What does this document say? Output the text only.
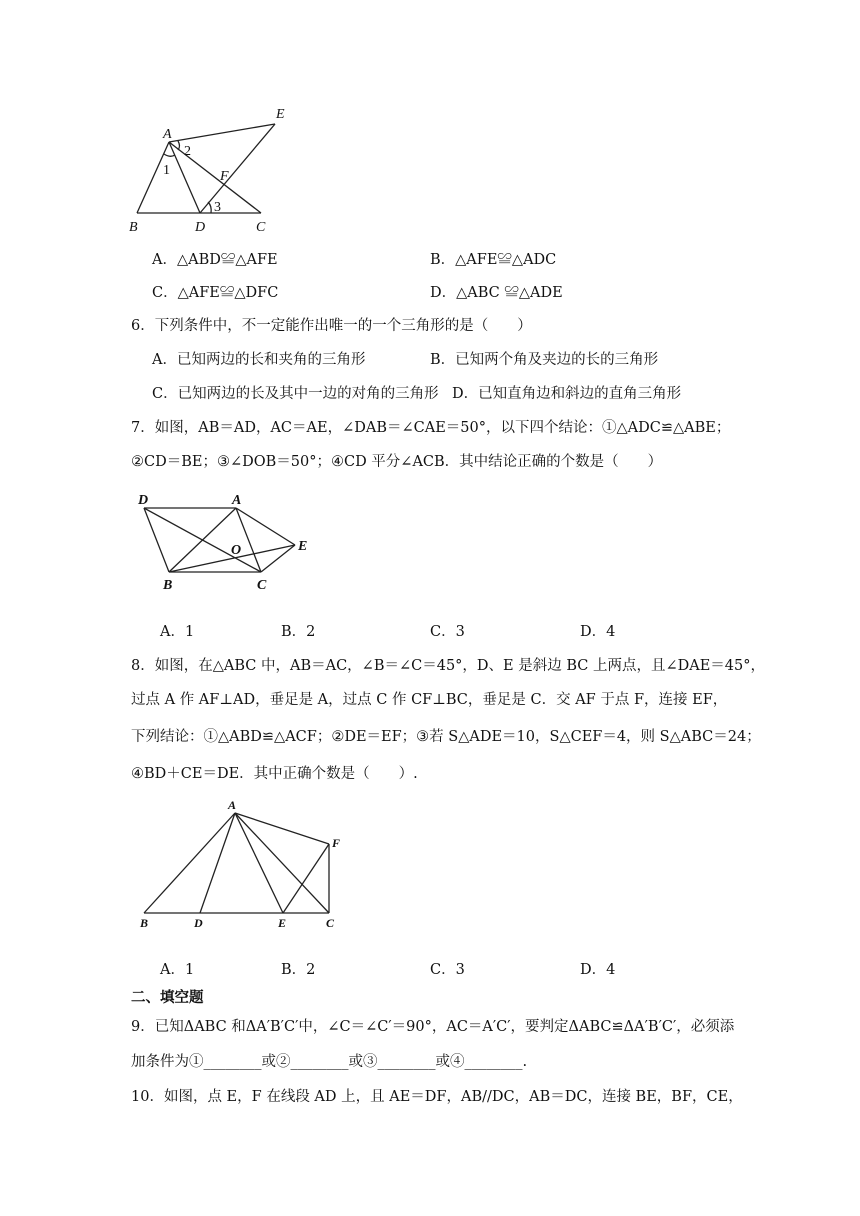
A
E
B	D	C
F
1
2
3
A．△ABD≌△AFE	B．△AFE≌△ADC
C．△AFE≌△DFC	D．△ABC ≌△ADE
6．下列条件中，不一定能作出唯一的一个三角形的是（　　）
A．已知两边的长和夹角的三角形	B．已知两个角及夹边的长的三角形
C．已知两边的长及其中一边的对角的三角形 D．已知直角边和斜边的直角三角形
7．如图，AB＝AD，AC＝AE，∠DAB＝∠CAE＝50°，以下四个结论：①△ADC≌△ABE；
②CD＝BE；③∠DOB＝50°；④CD 平分∠ACB．其中结论正确的个数是（　　）
D	A
O	E
B	C
A．1	B．2	C．3	D．4
8．如图，在△ABC 中，AB＝AC，∠B＝∠C＝45°，D、E 是斜边 BC 上两点，且∠DAE＝45°，
过点 A 作 AF⊥AD，垂足是 A，过点 C 作 CF⊥BC，垂足是 C．交 AF 于点 F，连接 EF，
下列结论：①△ABD≌△ACF；②DE＝EF；③若 S△ADE＝10，S△CEF＝4，则 S△ABC＝24；
④BD＋CE＝DE．其中正确个数是（　　）.
A
F
B	D	E	C
A．1	B．2	C．3	D．4
二、填空题
9．已知ΔABC 和ΔA′B′C′中，∠C＝∠C′＝90°，AC＝A′C′，要判定ΔABC≌ΔA′B′C′，必须添
加条件为①________或②________或③________或④________.
10．如图，点 E，F 在线段 AD 上，且 AE＝DF，AB//DC，AB＝DC，连接 BE，BF，CE，
